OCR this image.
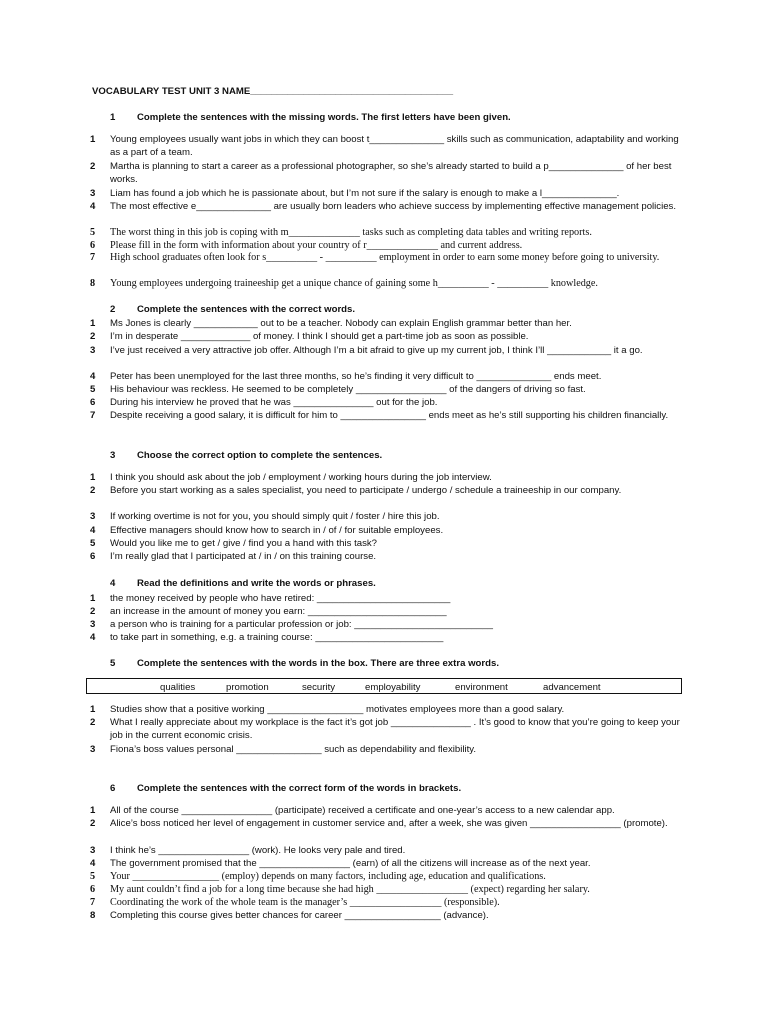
VOCABULARY TEST UNIT 3 NAME______________________________________
1 Complete the sentences with the missing words. The first letters have been given.
1 Young employees usually want jobs in which they can boost t______________ skills such as communication, adaptability and working as a part of a team.
2 Martha is planning to start a career as a professional photographer, so she’s already started to build a p______________ of her best works.
3 Liam has found a job which he is passionate about, but I’m not sure if the salary is enough to make a l______________.
4 The most effective e______________ are usually born leaders who achieve success by implementing effective management policies.
5 The worst thing in this job is coping with m______________ tasks such as completing data tables and writing reports.
6 Please fill in the form with information about your country of r______________ and current address.
7 High school graduates often look for s__________ - __________ employment in order to earn some money before going to university.
8 Young employees undergoing traineeship get a unique chance of gaining some h__________ - __________ knowledge.
2 Complete the sentences with the correct words.
1 Ms Jones is clearly ____________ out to be a teacher. Nobody can explain English grammar better than her.
2 I’m in desperate _____________ of money. I think I should get a part-time job as soon as possible.
3 I’ve just received a very attractive job offer. Although I’m a bit afraid to give up my current job, I think I’ll ____________ it a go.
4 Peter has been unemployed for the last three months, so he’s finding it very difficult to ______________ ends meet.
5 His behaviour was reckless. He seemed to be completely _________________ of the dangers of driving so fast.
6 During his interview he proved that he was _______________ out for the job.
7 Despite receiving a good salary, it is difficult for him to ________________ ends meet as he’s still supporting his children financially.
3 Choose the correct option to complete the sentences.
1 I think you should ask about the job / employment / working hours during the job interview.
2 Before you start working as a sales specialist, you need to participate / undergo / schedule a traineeship in our company.
3 If working overtime is not for you, you should simply quit / foster / hire this job.
4 Effective managers should know how to search in / of / for suitable employees.
5 Would you like me to get / give / find you a hand with this task?
6 I’m really glad that I participated at / in / on this training course.
4 Read the definitions and write the words or phrases.
1 the money received by people who have retired: _________________________
2 an increase in the amount of money you earn: __________________________
3 a person who is training for a particular profession or job: __________________________
4 to take part in something, e.g. a training course: ________________________
5 Complete the sentences with the words in the box. There are three extra words.
qualities	promotion	security	employability	environment	advancement
1 Studies show that a positive working __________________ motivates employees more than a good salary.
2 What I really appreciate about my workplace is the fact it’s got job _______________ . It’s good to know that you’re going to keep your job in the current economic crisis.
3 Fiona’s boss values personal ________________ such as dependability and flexibility.
6 Complete the sentences with the correct form of the words in brackets.
1 All of the course _________________ (participate) received a certificate and one-year’s access to a new calendar app.
2 Alice’s boss noticed her level of engagement in customer service and, after a week, she was given _________________ (promote).
3 I think he’s _________________ (work). He looks very pale and tired.
4 The government promised that the _________________ (earn) of all the citizens will increase as of the next year.
5 Your _________________ (employ) depends on many factors, including age, education and qualifications.
6 My aunt couldn’t find a job for a long time because she had high __________________ (expect) regarding her salary.
7 Coordinating the work of the whole team is the manager’s __________________ (responsible).
8 Completing this course gives better chances for career __________________ (advance).
